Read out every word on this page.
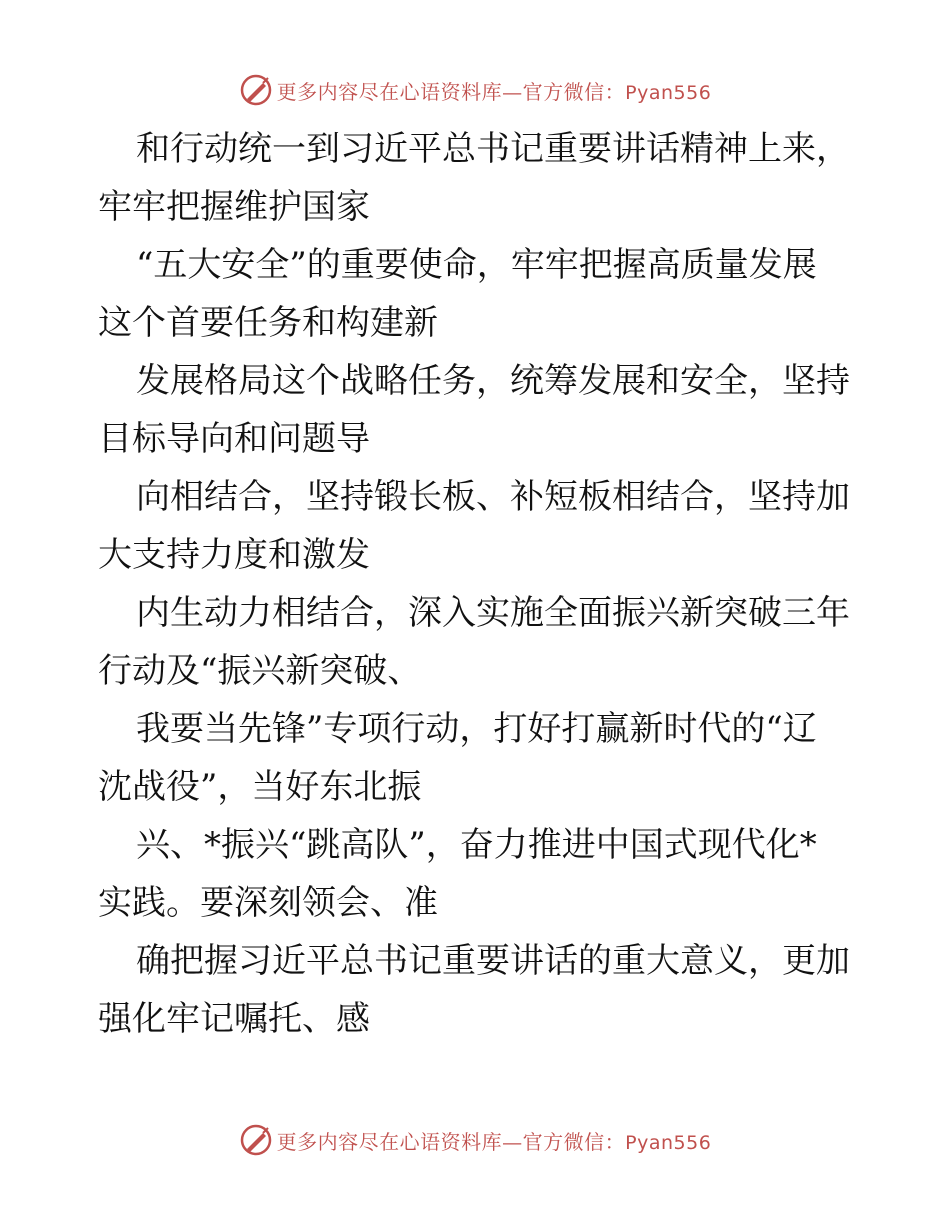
更多内容尽在心语资料库—官方微信：Pyan556

和行动统一到习近平总书记重要讲话精神上来，

牢牢把握维护国家

“五大安全”的重要使命，牢牢把握高质量发展

这个首要任务和构建新

发展格局这个战略任务，统筹发展和安全，坚持

目标导向和问题导

向相结合，坚持锻长板、补短板相结合，坚持加

大支持力度和激发

内生动力相结合，深入实施全面振兴新突破三年

行动及“振兴新突破、

我要当先锋”专项行动，打好打赢新时代的“辽

沈战役”，当好东北振

兴、*振兴“跳高队”，奋力推进中国式现代化*

实践。要深刻领会、准

确把握习近平总书记重要讲话的重大意义，更加

强化牢记嘱托、感

更多内容尽在心语资料库—官方微信：Pyan556
